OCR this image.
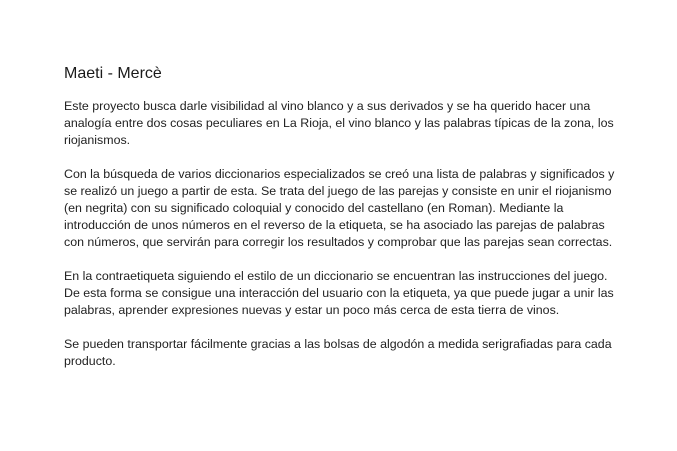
Maeti - Mercè

Este proyecto busca darle visibilidad al vino blanco y a sus derivados y se ha querido hacer una analogía entre dos cosas peculiares en La Rioja, el vino blanco y las palabras típicas de la zona, los riojanismos.

Con la búsqueda de varios diccionarios especializados se creó una lista de palabras y significados y se realizó un juego a partir de esta. Se trata del juego de las parejas y consiste en unir el riojanismo (en negrita) con su significado coloquial y conocido del castellano (en Roman). Mediante la introducción de unos números en el reverso de la etiqueta, se ha asociado las parejas de palabras con números, que servirán para corregir los resultados y comprobar que las parejas sean correctas.

En la contraetiqueta siguiendo el estilo de un diccionario se encuentran las instrucciones del juego. De esta forma se consigue una interacción del usuario con la etiqueta, ya que puede jugar a unir las palabras, aprender expresiones nuevas y estar un poco más cerca de esta tierra de vinos.

Se pueden transportar fácilmente gracias a las bolsas de algodón a medida serigrafiadas para cada producto.
